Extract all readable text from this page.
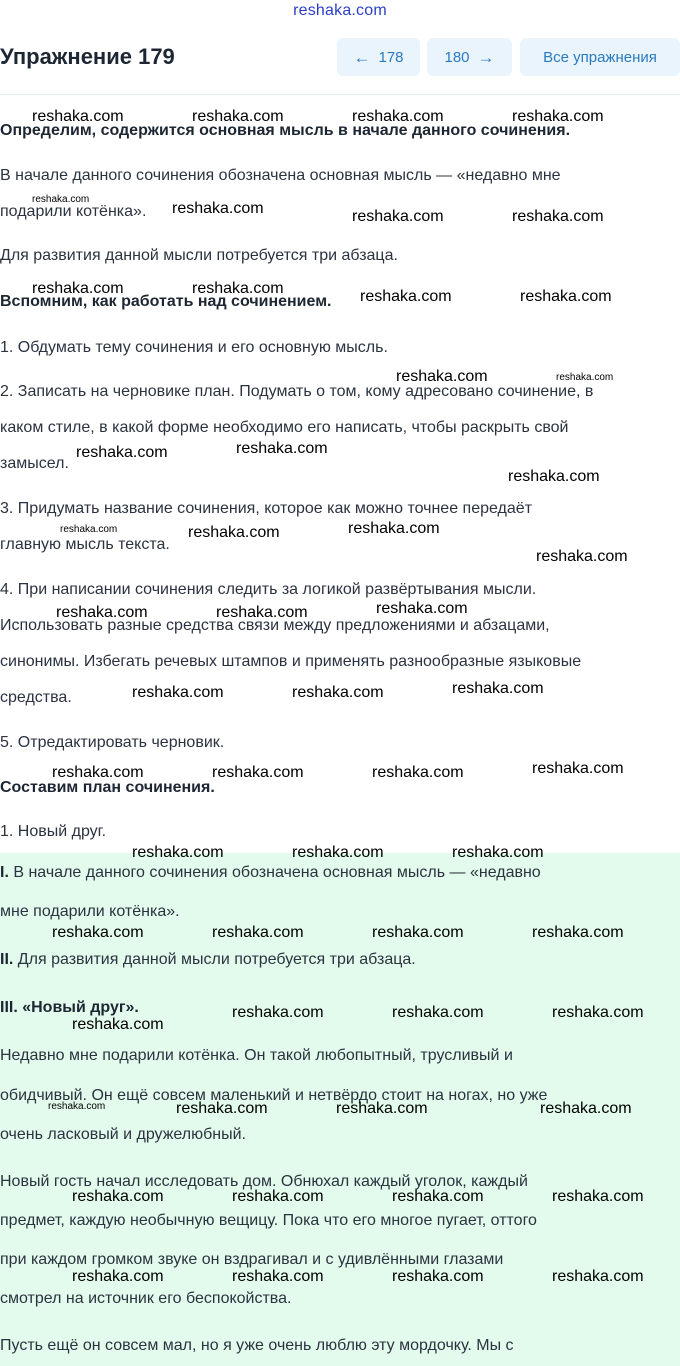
reshaka.com
Упражнение 179	← 178	180 →	Все упражнения
Определим, содержится основная мысль в начале данного сочинения.
В начале данного сочинения обозначена основная мысль — «недавно мне
подарили котёнка».
Для развития данной мысли потребуется три абзаца.
Вспомним, как работать над сочинением.
1. Обдумать тему сочинения и его основную мысль.
2. Записать на черновике план. Подумать о том, кому адресовано сочинение, в
каком стиле, в какой форме необходимо его написать, чтобы раскрыть свой
замысел.
3. Придумать название сочинения, которое как можно точнее передаёт
главную мысль текста.
4. При написании сочинения следить за логикой развёртывания мысли.
Использовать разные средства связи между предложениями и абзацами,
синонимы. Избегать речевых штампов и применять разнообразные языковые
средства.
5. Отредактировать черновик.
Составим план сочинения.
1. Новый друг.
I. В начале данного сочинения обозначена основная мысль — «недавно
мне подарили котёнка».
II. Для развития данной мысли потребуется три абзаца.
III. «Новый друг».
Недавно мне подарили котёнка. Он такой любопытный, трусливый и
обидчивый. Он ещё совсем маленький и нетвёрдо стоит на ногах, но уже
очень ласковый и дружелюбный.
Новый гость начал исследовать дом. Обнюхал каждый уголок, каждый
предмет, каждую необычную вещицу. Пока что его многое пугает, оттого
при каждом громком звуке он вздрагивал и с удивлёнными глазами
смотрел на источник его беспокойства.
Пусть ещё он совсем мал, но я уже очень люблю эту мордочку. Мы с
reshaka.com	reshaka.com	reshaka.com	reshaka.com
reshaka.com
reshaka.com	reshaka.com	reshaka.com
reshaka.com	reshaka.com	reshaka.com	reshaka.com
reshaka.com	reshaka.com
reshaka.com	reshaka.com
reshaka.com
reshaka.com	reshaka.com	reshaka.com
reshaka.com
reshaka.com	reshaka.com	reshaka.com
reshaka.com	reshaka.com	reshaka.com
reshaka.com	reshaka.com	reshaka.com	reshaka.com
reshaka.com	reshaka.com	reshaka.com
reshaka.com	reshaka.com	reshaka.com	reshaka.com
reshaka.com
reshaka.com	reshaka.com	reshaka.com
reshaka.com	reshaka.com	reshaka.com	reshaka.com
reshaka.com	reshaka.com	reshaka.com	reshaka.com
reshaka.com	reshaka.com	reshaka.com	reshaka.com
